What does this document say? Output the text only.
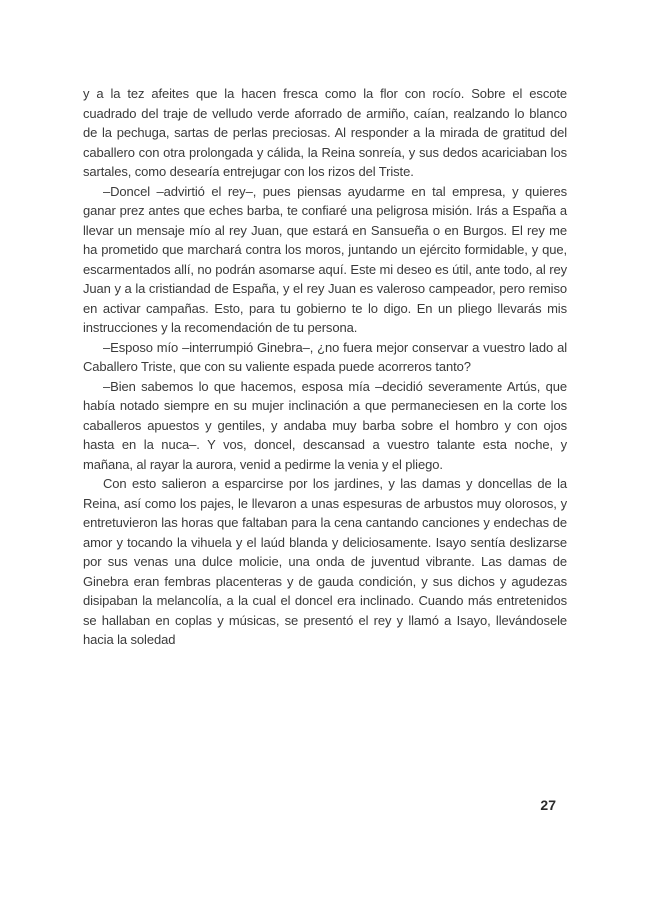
y a la tez afeites que la hacen fresca como la flor con rocío. Sobre el escote cuadrado del traje de velludo verde aforrado de armiño, caían, realzando lo blanco de la pechuga, sartas de perlas preciosas. Al responder a la mirada de gratitud del caballero con otra prolongada y cálida, la Reina sonreía, y sus dedos acariciaban los sartales, como desearía entrejugar con los rizos del Triste.

–Doncel –advirtió el rey–, pues piensas ayudarme en tal empresa, y quieres ganar prez antes que eches barba, te confiaré una peligrosa misión. Irás a España a llevar un mensaje mío al rey Juan, que estará en Sansueña o en Burgos. El rey me ha prometido que marchará contra los moros, juntando un ejército formidable, y que, escarmentados allí, no podrán asomarse aquí. Este mi deseo es útil, ante todo, al rey Juan y a la cristiandad de España, y el rey Juan es valeroso campeador, pero remiso en activar campañas. Esto, para tu gobierno te lo digo. En un pliego llevarás mis instrucciones y la recomendación de tu persona.

–Esposo mío –interrumpió Ginebra–, ¿no fuera mejor conservar a vuestro lado al Caballero Triste, que con su valiente espada puede acorreros tanto?

–Bien sabemos lo que hacemos, esposa mía –decidió severamente Artús, que había notado siempre en su mujer inclinación a que permaneciesen en la corte los caballeros apuestos y gentiles, y andaba muy barba sobre el hombro y con ojos hasta en la nuca–. Y vos, doncel, descansad a vuestro talante esta noche, y mañana, al rayar la aurora, venid a pedirme la venia y el pliego.

Con esto salieron a esparcirse por los jardines, y las damas y doncellas de la Reina, así como los pajes, le llevaron a unas espesuras de arbustos muy olorosos, y entretuvieron las horas que faltaban para la cena cantando canciones y endechas de amor y tocando la vihuela y el laúd blanda y deliciosamente. Isayo sentía deslizarse por sus venas una dulce molicie, una onda de juventud vibrante. Las damas de Ginebra eran fembras placenteras y de gauda condición, y sus dichos y agudezas disipaban la melancolía, a la cual el doncel era inclinado. Cuando más entretenidos se hallaban en coplas y músicas, se presentó el rey y llamó a Isayo, llevándosele hacia la soledad

27
